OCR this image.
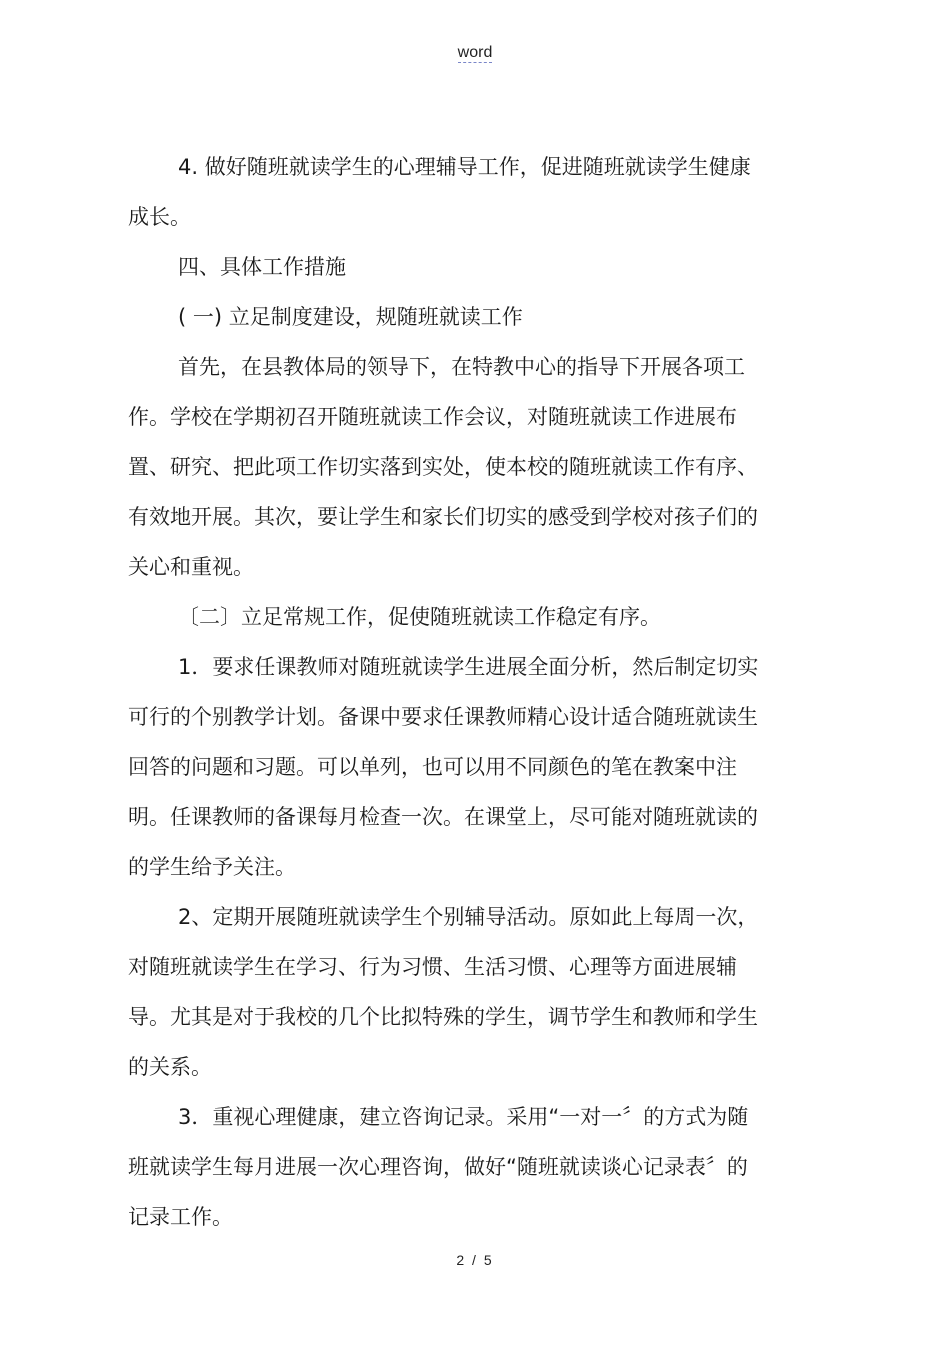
word

4. 做好随班就读学生的心理辅导工作，促进随班就读学生健康成长。

四、具体工作措施

( 一) 立足制度建设，规随班就读工作

首先，在县教体局的领导下，在特教中心的指导下开展各项工作。学校在学期初召开随班就读工作会议，对随班就读工作进展布置、研究、把此项工作切实落到实处，使本校的随班就读工作有序、有效地开展。其次，要让学生和家长们切实的感受到学校对孩子们的关心和重视。

〔二〕立足常规工作，促使随班就读工作稳定有序。

1．要求任课教师对随班就读学生进展全面分析，然后制定切实可行的个别教学计划。备课中要求任课教师精心设计适合随班就读生回答的问题和习题。可以单列，也可以用不同颜色的笔在教案中注明。任课教师的备课每月检查一次。在课堂上，尽可能对随班就读的的学生给予关注。

2、定期开展随班就读学生个别辅导活动。原如此上每周一次，对随班就读学生在学习、行为习惯、生活习惯、心理等方面进展辅导。尤其是对于我校的几个比拟特殊的学生，调节学生和教师和学生的关系。

3．重视心理健康，建立咨询记录。采用“一对一〞的方式为随班就读学生每月进展一次心理咨询，做好“随班就读谈心记录表〞的记录工作。

2 / 5
